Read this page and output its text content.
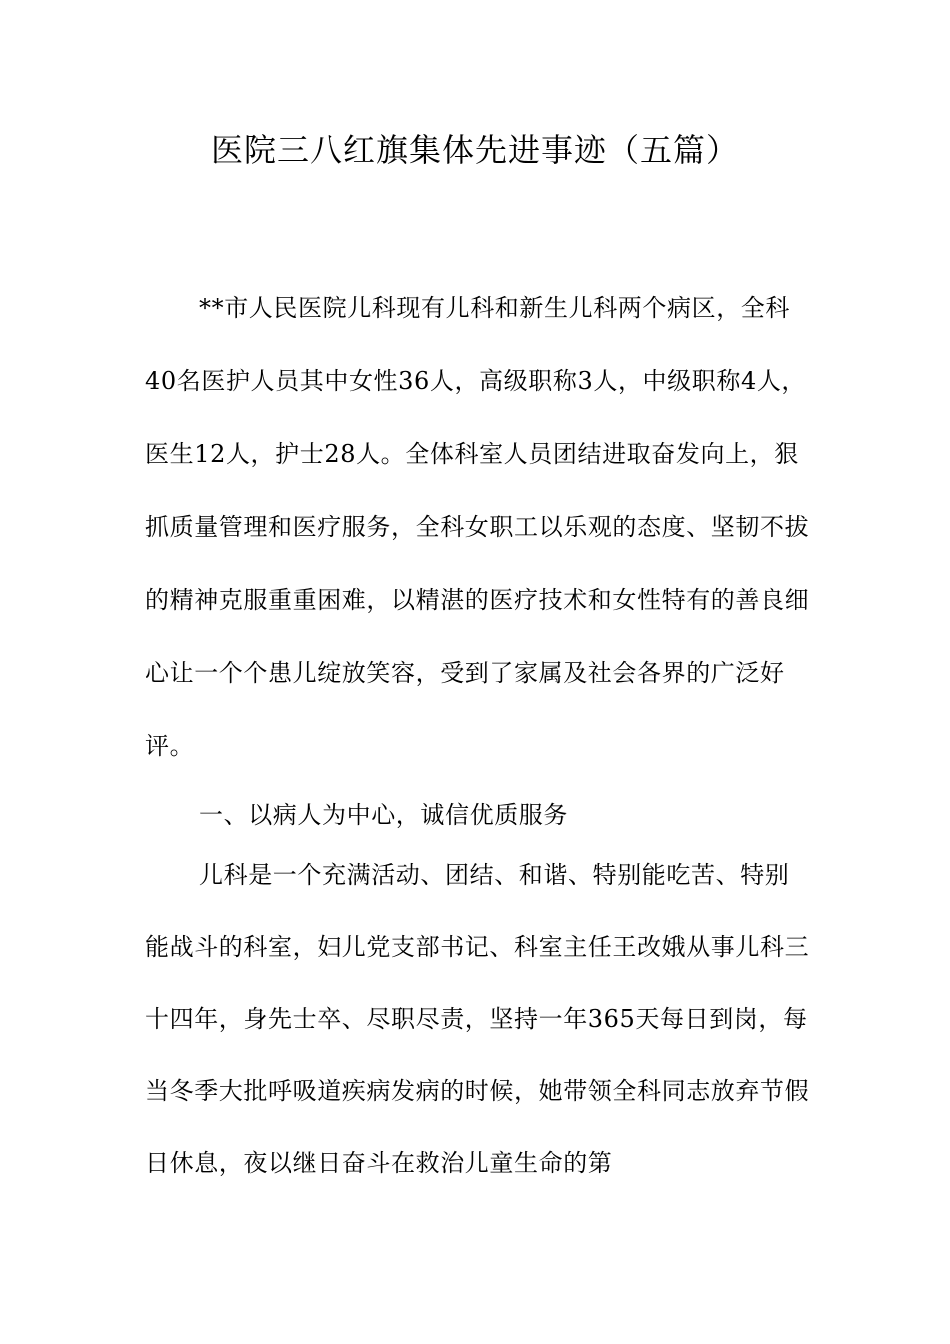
医院三八红旗集体先进事迹（五篇）

**市人民医院儿科现有儿科和新生儿科两个病区，全科40名医护人员其中女性36人，高级职称3人，中级职称4人，医生12人，护士28人。全体科室人员团结进取奋发向上，狠抓质量管理和医疗服务，全科女职工以乐观的态度、坚韧不拔的精神克服重重困难，以精湛的医疗技术和女性特有的善良细心让一个个患儿绽放笑容，受到了家属及社会各界的广泛好评。

一、以病人为中心，诚信优质服务

儿科是一个充满活动、团结、和谐、特别能吃苦、特别能战斗的科室，妇儿党支部书记、科室主任王改娥从事儿科三十四年，身先士卒、尽职尽责，坚持一年365天每日到岗，每当冬季大批呼吸道疾病发病的时候，她带领全科同志放弃节假日休息，夜以继日奋斗在救治儿童生命的第
